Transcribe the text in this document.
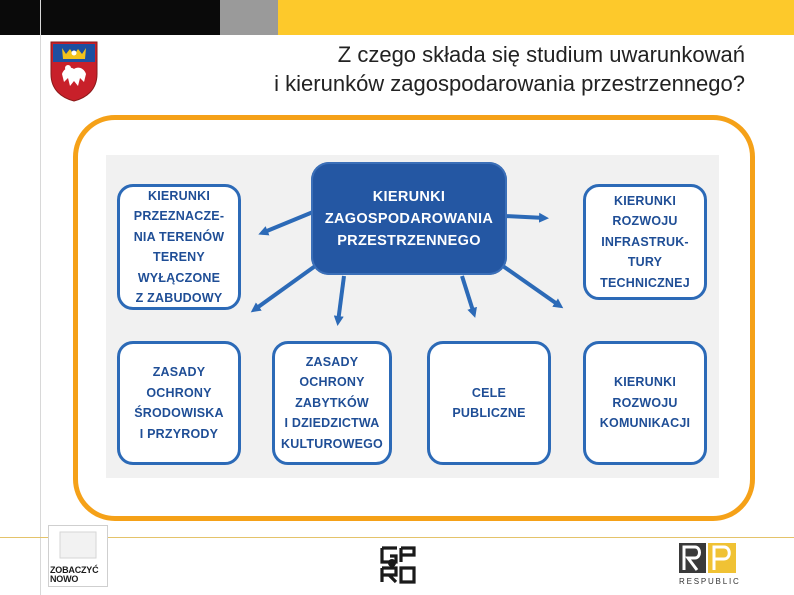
Z czego składa się studium uwarunkowań
i kierunków zagospodarowania przestrzennego?
KIERUNKI
ZAGOSPODAROWANIA
PRZESTRZENNEGO
KIERUNKI
PRZEZNACZE-
NIA TERENÓW
TERENY
WYŁĄCZONE
Z ZABUDOWY
KIERUNKI
ROZWOJU
INFRASTRUK-
TURY
TECHNICZNEJ
ZASADY
OCHRONY
ŚRODOWISKA
I PRZYRODY
ZASADY
OCHRONY
ZABYTKÓW
I DZIEDZICTWA
KULTUROWEGO
CELE
PUBLICZNE
KIERUNKI
ROZWOJU
KOMUNIKACJI
ZOBACZYĆ
NOWO	RESPUBLIC
